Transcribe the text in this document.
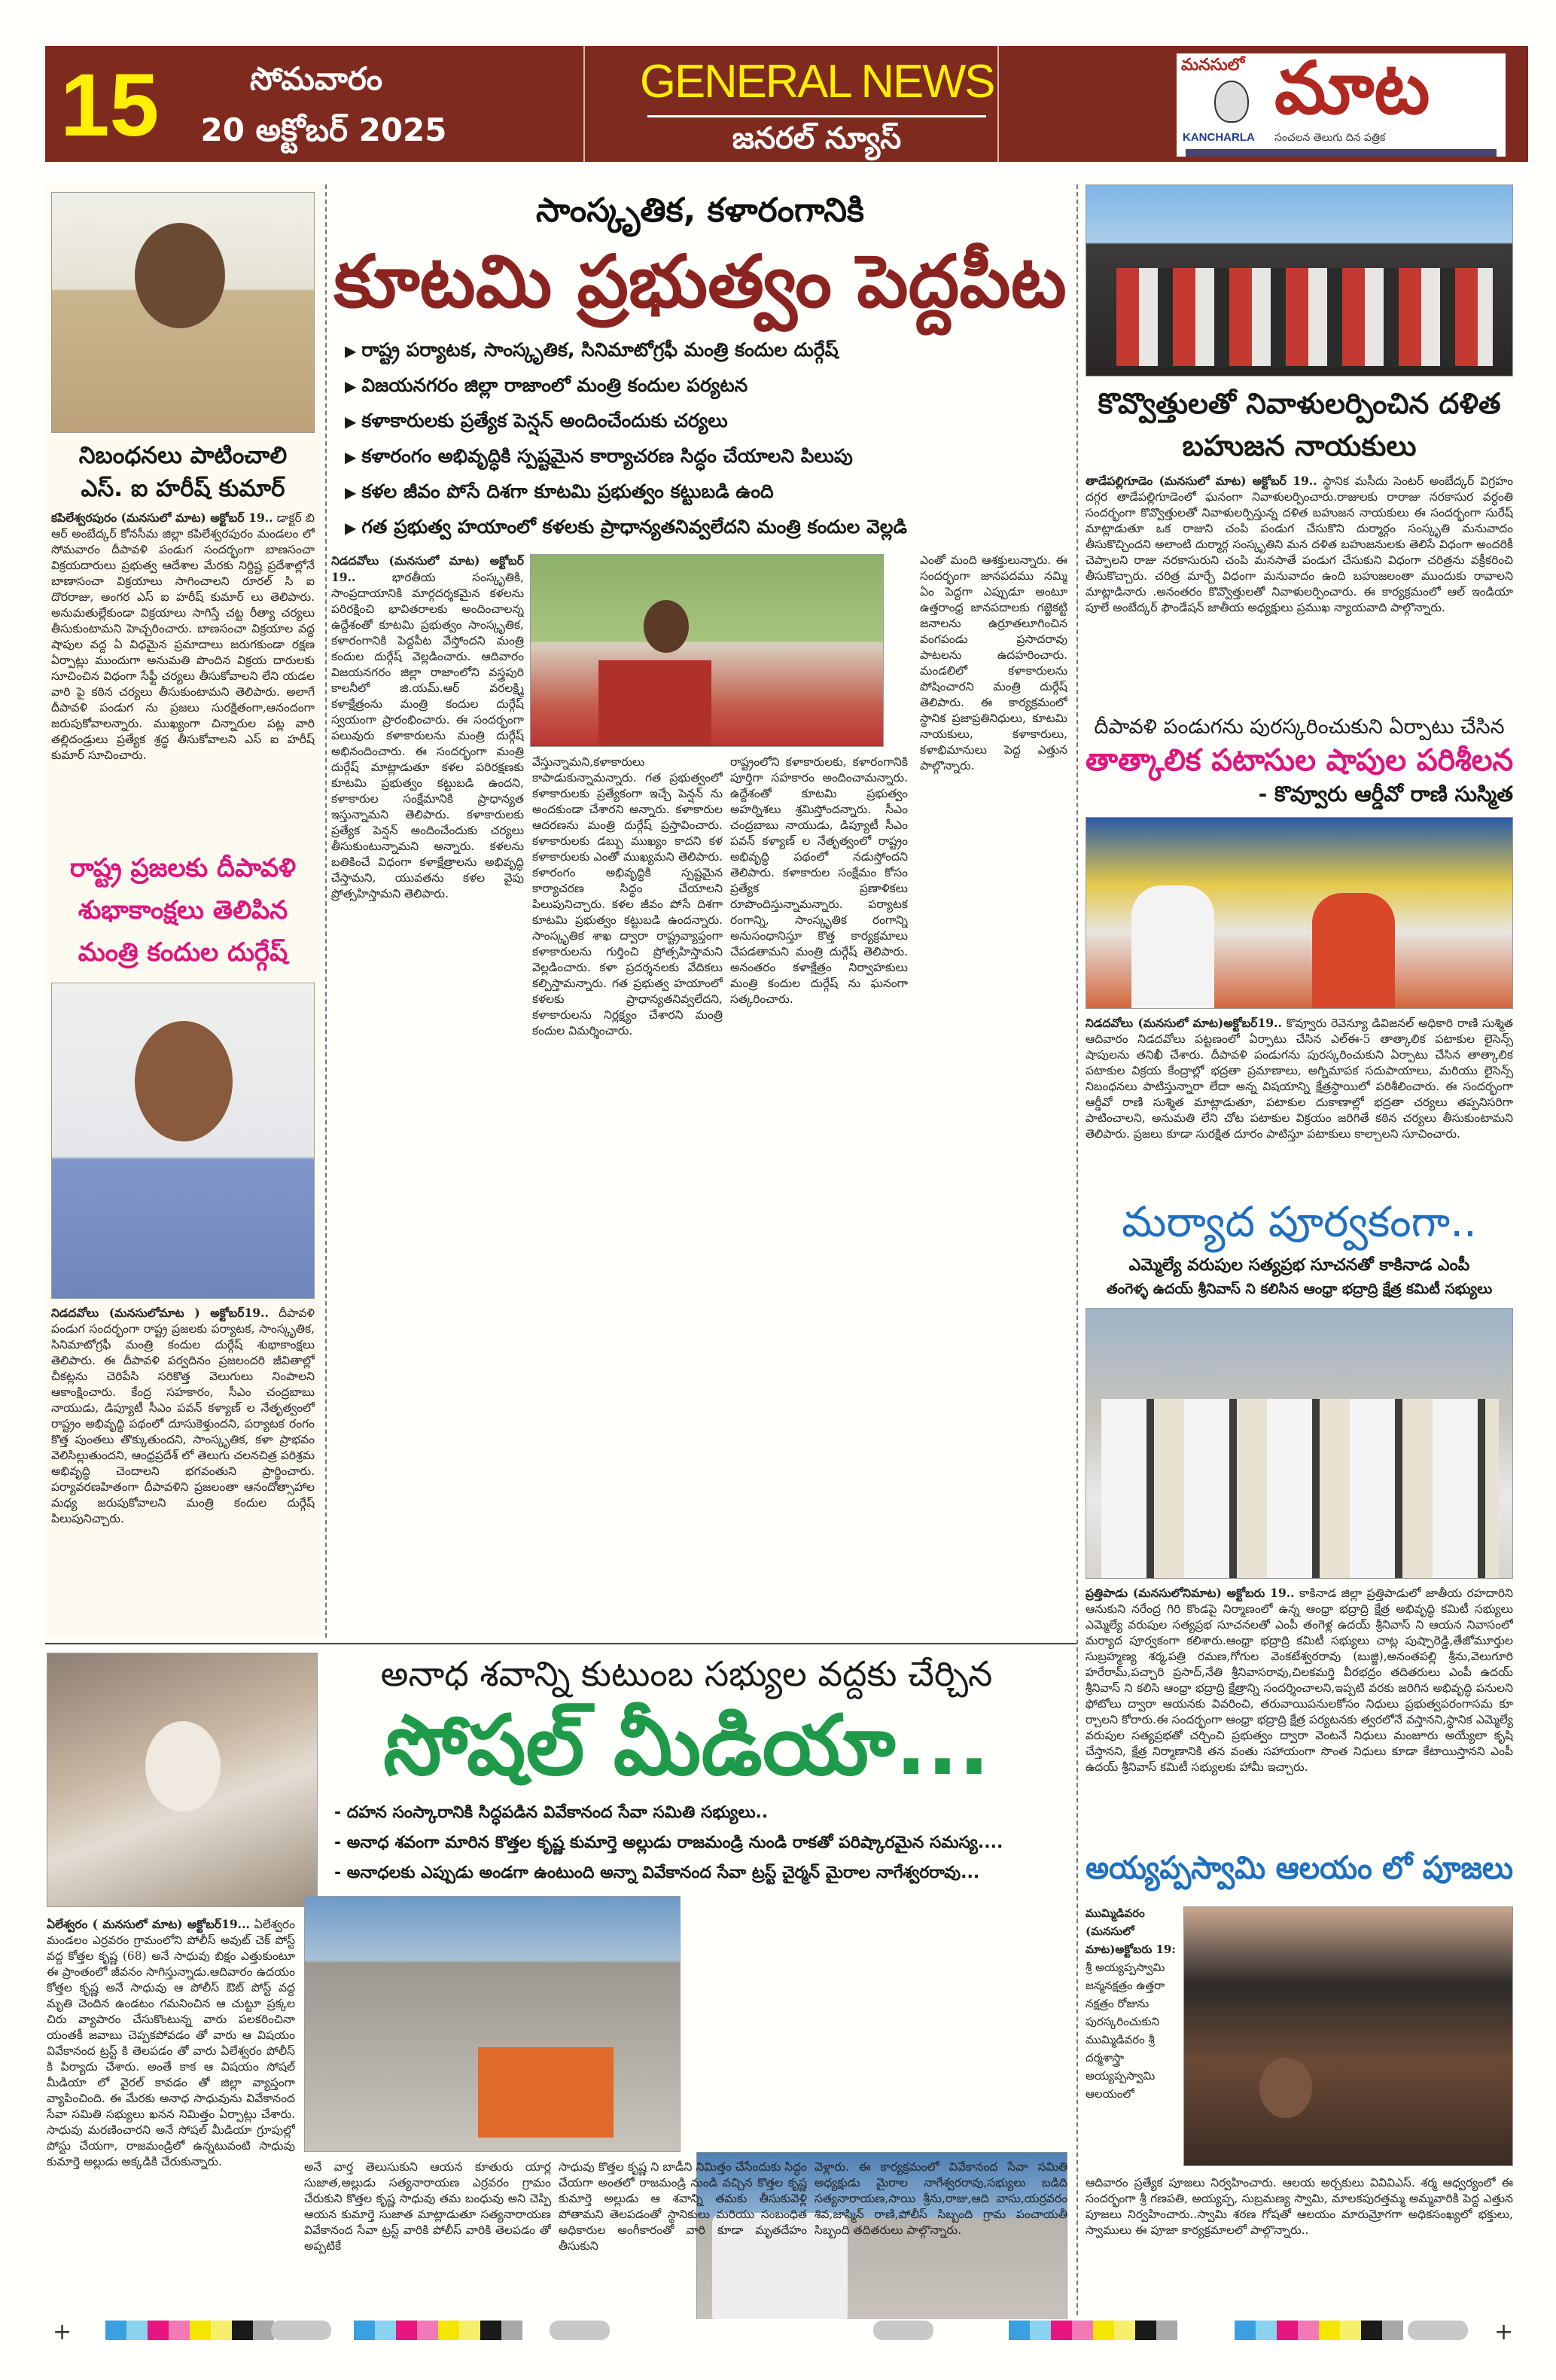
15	సోమవారం
20 అక్టోబర్ 2025
GENERAL NEWS
జనరల్ న్యూస్
మనసులో మాట
KANCHARLA సంచలన తెలుగు దిన పత్రిక
నిబంధనలు పాటించాలి
ఎస్. ఐ హరీష్ కుమార్
కపిలేశ్వరపురం (మనసులో మాట) అక్టోబర్ 19.. డాక్టర్ బి ఆర్ అంబేద్కర్ కోనసీమ జిల్లా కపిలేశ్వరపురం మండలం లో సోమవారం దీపావళి పండుగ సందర్భంగా బాణసంచా విక్రయదారులు ప్రభుత్వ ఆదేశాల మేరకు నిర్దిష్ట ప్రదేశాల్లోనే బాణాసంచా విక్రయాలు సాగించాలని రూరల్ సి ఐ దొరరాజు, అంగర ఎస్ ఐ హరీష్ కుమార్ లు తెలిపారు. అనుమతుల్లేకుండా విక్రయాలు సాగిస్తే చట్ట రీత్యా చర్యలు తీసుకుంటామని హెచ్చరించారు. బాణసంచా విక్రయాల వద్ద షాపుల వద్ద ఏ విధమైన ప్రమాదాలు జరుగకుండా రక్షణ ఏర్పాట్లు ముందుగా అనుమతి పొందిన విక్రయ దారులకు సూచించిన విధంగా సేఫ్టీ చర్యలు తీసుకోవాలని లేని యడల వారి పై కఠిన చర్యలు తీసుకుంటామని తెలిపారు. అలాగే దీపావళి పండుగ ను ప్రజలు సురక్షితంగా,ఆనందంగా జరుపుకోవాలన్నారు. ముఖ్యంగా చిన్నారుల పట్ల వారి తల్లిదండ్రులు ప్రత్యేక శ్రద్ధ తీసుకోవాలని ఎస్ ఐ హరీష్ కుమార్ సూచించారు.
రాష్ట్ర ప్రజలకు దీపావళి శుభాకాంక్షలు తెలిపిన మంత్రి కందుల దుర్గేష్
నిడదవోలు (మనసులోమాట ) అక్టోబర్19.. దీపావళి పండుగ సందర్భంగా రాష్ట్ర ప్రజలకు పర్యాటక, సాంస్కృతిక, సినిమాటోగ్రఫీ మంత్రి కందుల దుర్గేష్ శుభాకాంక్షలు తెలిపారు. ఈ దీపావళి పర్వదినం ప్రజలందరి జీవితాల్లో చీకట్లను చెరిపేసి సరికొత్త వెలుగులు నింపాలని ఆకాంక్షించారు. కేంద్ర సహకారం, సీఎం చంద్రబాబు నాయుడు, డిప్యూటీ సీఎం పవన్ కళ్యాణ్ ల నేతృత్వంలో రాష్ట్రం అభివృద్ధి పథంలో దూసుకెళ్తుందని, పర్యాటక రంగం కొత్త పుంతలు తొక్కుతుందని, సాంస్కృతిక, కళా ప్రాభవం వెలిసిల్లుతుందని, ఆంధ్రప్రదేశ్ లో తెలుగు చలనచిత్ర పరిశ్రమ అభివృద్ధి చెందాలని భగవంతుని ప్రార్థించారు. పర్యావరణహితంగా దీపావళిని ప్రజలంతా ఆనందోత్సాహాల మధ్య జరుపుకోవాలని మంత్రి కందుల దుర్గేష్ పిలుపునిచ్చారు.
సాంస్కృతిక, కళారంగానికి
కూటమి ప్రభుత్వం పెద్దపీట
▶ రాష్ట్ర పర్యాటక, సాంస్కృతిక, సినిమాటోగ్రఫీ మంత్రి కందుల దుర్గేష్
▶ విజయనగరం జిల్లా రాజాంలో మంత్రి కందుల పర్యటన
▶ కళాకారులకు ప్రత్యేక పెన్షన్ అందించేందుకు చర్యలు
▶ కళారంగం అభివృద్ధికి స్పష్టమైన కార్యాచరణ సిద్ధం చేయాలని పిలుపు
▶ కళల జీవం పోసే దిశగా కూటమి ప్రభుత్వం కట్టుబడి ఉంది
▶ గత ప్రభుత్వ హయాంలో కళలకు ప్రాధాన్యతనివ్వలేదని మంత్రి కందుల వెల్లడి
నిడదవోలు (మనసులో మాట) అక్టోబర్ 19..	భారతీయ సంస్కృతికి, సాంప్రదాయానికి మార్గదర్శకమైన కళలను పరిరక్షించి భావితరాలకు అందించాలన్న ఉద్దేశంతో కూటమి ప్రభుత్వం సాంస్కృతిక, కళారంగానికి పెద్దపీట వేస్తోందని మంత్రి కందుల దుర్గేష్ వెల్లడించారు. ఆదివారం విజయనగరం జిల్లా రాజాంలోని వస్త్రపురి కాలనీలో జి.యమ్.ఆర్ వరలక్ష్మి కళాక్షేత్రంను మంత్రి కందుల దుర్గేష్ స్వయంగా ప్రారంభించారు. ఈ సందర్భంగా పలువురు కళాకారులను మంత్రి దుర్గేష్ అభినందించారు. ఈ సందర్భంగా మంత్రి దుర్గేష్ మాట్లాడుతూ కళల పరిరక్షణకు కూటమి ప్రభుత్వం కట్టుబడి ఉందని, కళాకారుల సంక్షేమానికి ప్రాధాన్యత ఇస్తున్నామని తెలిపారు. కళాకారులకు ప్రత్యేక పెన్షన్ అందించేందుకు చర్యలు తీసుకుంటున్నామని అన్నారు. కళలను బతికించే విధంగా కళాక్షేత్రాలను అభివృద్ధి చేస్తామని, యువతను కళల వైపు ప్రోత్సహిస్తామని తెలిపారు.
వేస్తున్నామని,కళాకారులు కాపాడుకున్నామన్నారు. గత ప్రభుత్వంలో కళాకారులకు ప్రత్యేకంగా ఇచ్చే పెన్షన్ ను అందకుండా చేశారని అన్నారు. కళాకారుల ఆదరణను మంత్రి దుర్గేష్ ప్రస్తావించారు. కళాకారులకు డబ్బు ముఖ్యం కాదని కళ కళాకారులకు ఎంతో ముఖ్యమని తెలిపారు. కళారంగం అభివృద్ధికి స్పష్టమైన కార్యాచరణ సిద్ధం చేయాలని పిలుపునిచ్చారు. కళల జీవం పోసే దిశగా కూటమి ప్రభుత్వం కట్టుబడి ఉందన్నారు. సాంస్కృతిక శాఖ ద్వారా రాష్ట్రవ్యాప్తంగా కళాకారులను గుర్తించి ప్రోత్సహిస్తామని వెల్లడించారు. కళా ప్రదర్శనలకు వేదికలు కల్పిస్తామన్నారు. గత ప్రభుత్వ హయాంలో కళలకు ప్రాధాన్యతనివ్వలేదని, కళాకారులను నిర్లక్ష్యం చేశారని మంత్రి కందుల విమర్శించారు.
రాష్ట్రంలోని కళాకారులకు, కళారంగానికి పూర్తిగా సహకారం అందించామన్నారు. ఉద్దేశంతో కూటమి ప్రభుత్వం అహర్నిశలు శ్రమిస్తోందన్నారు. సీఎం చంద్రబాబు నాయుడు, డిప్యూటీ సీఎం పవన్ కళ్యాణ్ ల నేతృత్వంలో రాష్ట్రం అభివృద్ధి పథంలో నడుస్తోందని తెలిపారు. కళాకారుల సంక్షేమం కోసం ప్రత్యేక ప్రణాళికలు రూపొందిస్తున్నామన్నారు. పర్యాటక రంగాన్ని, సాంస్కృతిక రంగాన్ని అనుసంధానిస్తూ కొత్త కార్యక్రమాలు చేపడతామని మంత్రి దుర్గేష్ తెలిపారు. అనంతరం కళాక్షేత్రం నిర్వాహకులు మంత్రి కందుల దుర్గేష్ ను ఘనంగా సత్కరించారు.
ఎంతో మంది ఆశక్తులున్నారు. ఈ సందర్భంగా జానపదము నమ్మి ఏం పెద్దగా ఎప్పుడూ అంటూ ఉత్తరాంధ్ర జానపదాలకు గజ్జెకట్టి జనాలను ఉర్రూతలూగించిన వంగపండు ప్రసాదరావు పాటలను ఉదహరించారు. మండలిలో కళాకారులను పోషించారని మంత్రి దుర్గేష్ తెలిపారు. ఈ కార్యక్రమంలో స్థానిక ప్రజాప్రతినిధులు, కూటమి నాయకులు, కళాకారులు, కళాభిమానులు పెద్ద ఎత్తున పాల్గొన్నారు.
కొవ్వొత్తులతో నివాళులర్పించిన దళిత బహుజన నాయకులు
తాడేపల్లిగూడెం (మనసులో మాట) అక్టోబర్ 19.. స్థానిక మసీదు సెంటర్ అంబేద్కర్ విగ్రహం దగ్గర తాడేపల్లిగూడెంలో ఘనంగా నివాళులర్పించారు.రాజులకు రారాజు నరకాసుర వర్ధంతి సందర్భంగా కొవ్వొత్తులతో నివాళులర్పిస్తున్న దళిత బహుజన నాయకులు ఈ సందర్భంగా సురేష్ మాట్లాడుతూ ఒక రాజుని చంపి పండుగ చేసుకొని దుర్మార్గం సంస్కృతి మనువాదం తీసుకొచ్చిందని అలాంటి దుర్మార్గ సంస్కృతిని మన దళిత బహుజనులకు తెలిసే విధంగా అందరికీ చెప్పాలని రాజు నరకాసురుని చంపి మనసాతే పండుగ చేసుకుని విధంగా చరిత్రను వక్రీకరించి తీసుకొచ్చారు. చరిత్ర మార్చే విధంగా మనువాదం ఉంది బహుజలంతా ముందుకు రావాలని మాట్లాడినారు .అనంతరం కొవ్వొత్తులతో నివాళులర్పించారు. ఈ కార్యక్రమంలో ఆల్ ఇండియా పూలే అంబేద్కర్ ఫౌండేషన్ జాతీయ అధ్యక్షులు ప్రముఖ న్యాయవాది పాల్గొన్నారు.
దీపావళి పండుగను పురస్కరించుకుని ఏర్పాటు చేసిన
తాత్కాలిక పటాసుల షాపుల పరిశీలన
- కొవ్వూరు ఆర్డీవో రాణి సుస్మిత
నిడదవోలు (మనసులో మాట)అక్టోబర్19.. కొవ్వూరు రెవెన్యూ డివిజనల్ అధికారి రాణి సుశ్మిత ఆదివారం నిడదవోలు పట్టణంలో ఏర్పాటు చేసిన ఎల్ఈ-5 తాత్కాలిక పటాకుల లైసెన్స్ షాపులను తనిఖీ చేశారు. దీపావళి పండుగను పురస్కరించుకుని ఏర్పాటు చేసిన తాత్కాలిక పటాకుల విక్రయ కేంద్రాల్లో భద్రతా ప్రమాణాలు, అగ్నిమాపక సదుపాయాలు, మరియు లైసెన్స్ నిబంధనలు పాటిస్తున్నారా లేదా అన్న విషయాన్ని క్షేత్రస్థాయిలో పరిశీలించారు. ఈ సందర్భంగా ఆర్డీవో రాణి సుశ్మిత మాట్లాడుతూ, పటాకుల దుకాణాల్లో భద్రతా చర్యలు తప్పనిసరిగా పాటించాలని, అనుమతి లేని చోట పటాకుల విక్రయం జరిగితే కఠిన చర్యలు తీసుకుంటామని తెలిపారు. ప్రజలు కూడా సురక్షిత దూరం పాటిస్తూ పటాకులు కాల్చాలని సూచించారు.
మర్యాద పూర్వకంగా..
ఎమ్మెల్యే వరుపుల సత్యప్రభ సూచనతో కాకినాడ ఎంపీ
తంగెళ్ళ ఉదయ్ శ్రీనివాస్ ని కలిసిన ఆంధ్రా భద్రాద్రి క్షేత్ర కమిటీ సభ్యులు
ప్రత్తిపాడు (మనసులోనిమాట) అక్టోబరు 19.. కాకినాడ జిల్లా ప్రత్తిపాడులో జాతీయ రహదారిని ఆనుకుని నరేంద్ర గిరి కొండపై నిర్మాణంలో ఉన్న ఆంధ్రా భద్రాద్రి క్షేత్ర అభివృద్ధి కమిటీ సభ్యులు ఎమ్మెల్యే వరుపుల సత్యప్రభ సూచనలతో ఎంపీ తంగెళ్ల ఉదయ్ శ్రీనివాస్ ని ఆయన నివాసంలో మర్యాద పూర్వకంగా కలిశారు.ఆంధ్రా భద్రాద్రి కమిటీ సభ్యులు చాట్ల పుష్పారెడ్డి,తేజోమూర్తుల సుబ్రహ్మణ్య శర్మ,పత్రి రమణ,గోగుల వెంకటేశ్వరరావు (బుజ్జి),అనంతపల్లి శ్రీను,వెలుగూరి హరేరామ్,పచ్చారి ప్రసాద్,నేతి శ్రీనివాసరావు,చిలకమర్తి వీరభద్రం తదితరులు ఎంపీ ఉదయ్ శ్రీనివాస్ ని కలిసి ఆంధ్రా భద్రాద్రి క్షేత్రాన్ని సందర్శించాలని,ఇప్పటి వరకు జరిగిన అభివృద్ధి పనులని ఫోటోలు ద్వారా ఆయనకు వివరించి, తరువాయిపనులకోసం నిధులు ప్రభుత్వపరంగాసమ కూ ర్చాలని కోరారు.ఈ సందర్భంగా ఆంధ్రా భద్రాద్రి క్షేత్ర పర్యటనకు త్వరలోనే వస్తానని,స్థానిక ఎమ్మెల్యే వరుపుల సత్యప్రభతో చర్చించి ప్రభుత్వం ద్వారా వెంటనే నిధులు మంజూరు అయ్యేలా కృషి చేస్తానని, క్షేత్ర నిర్మాణానికి తన వంతు సహాయంగా సొంత నిధులు కూడా కేటాయిస్తానని ఎంపీ ఉదయ్ శ్రీనివాస్ కమిటీ సభ్యులకు హామీ ఇచ్చారు.
అయ్యప్పస్వామి ఆలయం లో పూజలు
ముమ్మిడివరం (మనసులో మాట)అక్టోబరు 19: శ్రీ అయ్యప్పస్వామి జన్మనక్షత్రం ఉత్తరా నక్షత్రం రోజును పురస్కరించుకుని ముమ్మిడివరం శ్రీ దర్మశాస్త్రా అయ్యప్పస్వామి ఆలయంలో
ఆదివారం ప్రత్యేక పూజలు నిర్వహించారు. ఆలయ అర్చకులు వివివిఎస్. శర్మ ఆధ్వర్యంలో ఈ సందర్భంగా శ్రీ గణపతి, అయ్యప్ప, సుబ్రమణ్య స్వామి, మాలకపురత్తమ్మ అమ్మవారికి పెద్ద ఎత్తున పూజలు నిర్వహించారు..స్వామి శరణ గోషతో ఆలయం మారుమ్రోగగా అధికసంఖ్యలో భక్తులు, స్వాములు ఈ పూజా కార్యక్రమాలలో పాల్గొన్నారు..
ఏలేశ్వరం ( మనసులో మాట) అక్టోబర్19... ఏలేశ్వరం మండలం ఎర్రవరం గ్రామంలోని పోలీస్ అవుట్ చెక్ పోస్ట్ వద్ద కోత్తల కృష్ణ (68) అనే సాధువు బిక్షం ఎత్తుకుంటూ ఈ ప్రాంతంలో జీవనం సాగిస్తున్నాడు.ఆదివారం ఉదయం కోత్తల కృష్ణ అనే సాధువు ఆ పోలీస్ ఔట్ పోస్ట్ వద్ద మృతి చెందిన ఉండటం గమనించిన ఆ చుట్టూ ప్రక్కల చిరు వ్యాపారం చేసుకొంటున్న వారు పలకరించినా యంతకీ జవాబు చెప్పకపోవడం తో వారు ఆ విషయం వివేకానంద ట్రస్ట్ కి తెలపడం తో వారు ఏలేశ్వరం పోలీస్ కి పిర్యాదు చేశారు. అంతే కాక ఆ విషయం సోషల్ మీడియా లో వైరల్ కావడం తో జిల్లా వ్యాప్తంగా వ్యాపించింది. ఈ మేరకు అనాధ సాధువును వివేకానంద సేవా సమితి సభ్యులు ఖనన నిమిత్తం ఏర్పాట్లు చేశారు. సాధువు మరణించారని అనే సోషల్ మీడియా గ్రూపుల్లో పోస్టు చేయగా, రాజమండ్రిలో ఉన్నటువంటి సాధువు కుమార్తె అల్లుడు అక్కడికి చేరుకున్నారు.
అనాధ శవాన్ని కుటుంబ సభ్యుల వద్దకు చేర్చిన
సోషల్ మీడియా...
- దహన సంస్కారానికి సిద్ధపడిన వివేకానంద సేవా సమితి సభ్యులు..
- అనాధ శవంగా మారిన కొత్తల కృష్ణ కుమార్తె అల్లుడు రాజమండ్రి నుండి రాకతో పరిష్కారమైన సమస్య....
- అనాధలకు ఎప్పుడు అండగా ఉంటుంది అన్నా వివేకానంద సేవా ట్రస్ట్ చైర్మన్ మైరాల నాగేశ్వరరావు...
అనే వార్త తెలుసుకుని ఆయన కూతురు యార్ల సుజాత,అల్లుడు సత్యనారాయణ ఎర్రవరం గ్రామం చేరుకుని కొత్తల కృష్ణ సాధువు తమ బంధువు అని చెప్పి ఆయన కుమార్తె సుజాత మాట్లాడుతూ సత్యనారాయణ వివేకానంద సేవా ట్రస్ట్ వారికి పోలీస్ వారికి తెలపడం తో అప్పటికే
సాధువు కొత్తల కృష్ణ ని బాడీని నిమిత్తం చేసేందుకు సిద్ధం చేయగా అంతలో రాజమండ్రి నుండి వచ్చిన కొత్తల కృష్ణ కుమార్తె అల్లుడు ఆ శవాన్ని తమకు తీసుకువెళ్లి పోతామని తెలపడంతో స్థానికులు మరియు సంబంధిత అధికారుల అంగీకారంతో వారి కూడా మృతదేహం తీసుకుని
వెళ్లారు. ఈ కార్యక్రమంలో వివేకానంద సేవా సమితి అధ్యక్షుడు మైరాల నాగేశ్వరరావు,సభ్యులు బడిది సత్యనారాయణ,సాయి శ్రీను,రాజు,ఆది వాసు,యర్రవరం శివ,జాస్మిన్ రాణి,పోలీస్ సిబ్బంది గ్రామ పంచాయతీ సిబ్బంది తదితరులు పాల్గొన్నారు.
+	+
